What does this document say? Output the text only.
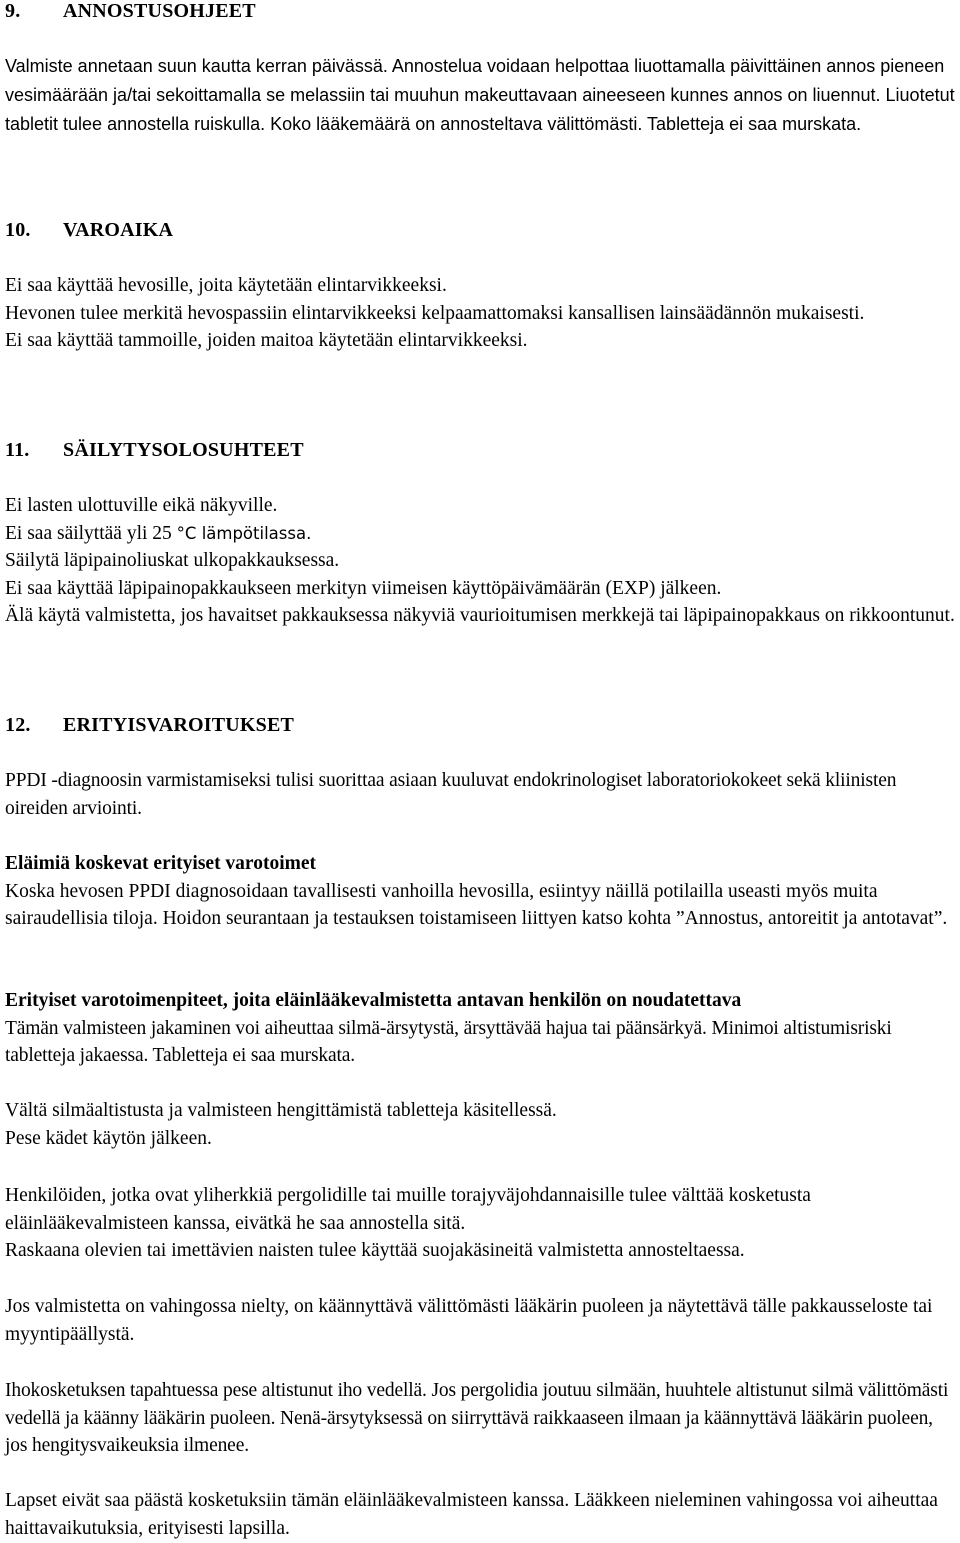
9. ANNOSTUSOHJEET

Valmiste annetaan suun kautta kerran päivässä. Annostelua voidaan helpottaa liuottamalla päivittäinen annos pieneen vesimäärään ja/tai sekoittamalla se melassiin tai muuhun makeuttavaan aineeseen kunnes annos on liuennut. Liuotetut tabletit tulee annostella ruiskulla. Koko lääkemäärä on annosteltava välittömästi. Tabletteja ei saa murskata.

10. VAROAIKA

Ei saa käyttää hevosille, joita käytetään elintarvikkeeksi.

Hevonen tulee merkitä hevospassiin elintarvikkeeksi kelpaamattomaksi kansallisen lainsäädännön mukaisesti.

Ei saa käyttää tammoille, joiden maitoa käytetään elintarvikkeeksi.

11. SÄILYTYSOLOSUHTEET

Ei lasten ulottuville eikä näkyville.

Ei saa säilyttää yli 25 °C lämpötilassa.

Säilytä läpipainoliuskat ulkopakkauksessa.

Ei saa käyttää läpipainopakkaukseen merkityn viimeisen käyttöpäivämäärän (EXP) jälkeen.

Älä käytä valmistetta, jos havaitset pakkauksessa näkyviä vaurioitumisen merkkejä tai läpipainopakkaus on rikkoontunut.

12. ERITYISVAROITUKSET

PPDI -diagnoosin varmistamiseksi tulisi suorittaa asiaan kuuluvat endokrinologiset laboratoriokokeet sekä kliinisten oireiden arviointi.

Eläimiä koskevat erityiset varotoimet

Koska hevosen PPDI diagnosoidaan tavallisesti vanhoilla hevosilla, esiintyy näillä potilailla useasti myös muita sairaudellisia tiloja. Hoidon seurantaan ja testauksen toistamiseen liittyen katso kohta ”Annostus, antoreitit ja antotavat”.

Erityiset varotoimenpiteet, joita eläinlääkevalmistetta antavan henkilön on noudatettava

Tämän valmisteen jakaminen voi aiheuttaa silmä-ärsytystä, ärsyttävää hajua tai päänsärkyä. Minimoi altistumisriski tabletteja jakaessa. Tabletteja ei saa murskata.

Vältä silmäaltistusta ja valmisteen hengittämistä tabletteja käsitellessä.

Pese kädet käytön jälkeen.

Henkilöiden, jotka ovat yliherkkiä pergolidille tai muille torajyväjohdannaisille tulee välttää kosketusta eläinlääkevalmisteen kanssa, eivätkä he saa annostella sitä.

Raskaana olevien tai imettävien naisten tulee käyttää suojakäsineitä valmistetta annosteltaessa.

Jos valmistetta on vahingossa nielty, on käännyttävä välittömästi lääkärin puoleen ja näytettävä tälle pakkausseloste tai myyntipäällystä.

Ihokosketuksen tapahtuessa pese altistunut iho vedellä. Jos pergolidia joutuu silmään, huuhtele altistunut silmä välittömästi vedellä ja käänny lääkärin puoleen. Nenä-ärsytyksessä on siirryttävä raikkaaseen ilmaan ja käännyttävä lääkärin puoleen, jos hengitysvaikeuksia ilmenee.

Lapset eivät saa päästä kosketuksiin tämän eläinlääkevalmisteen kanssa. Lääkkeen nieleminen vahingossa voi aiheuttaa haittavaikutuksia, erityisesti lapsilla.
